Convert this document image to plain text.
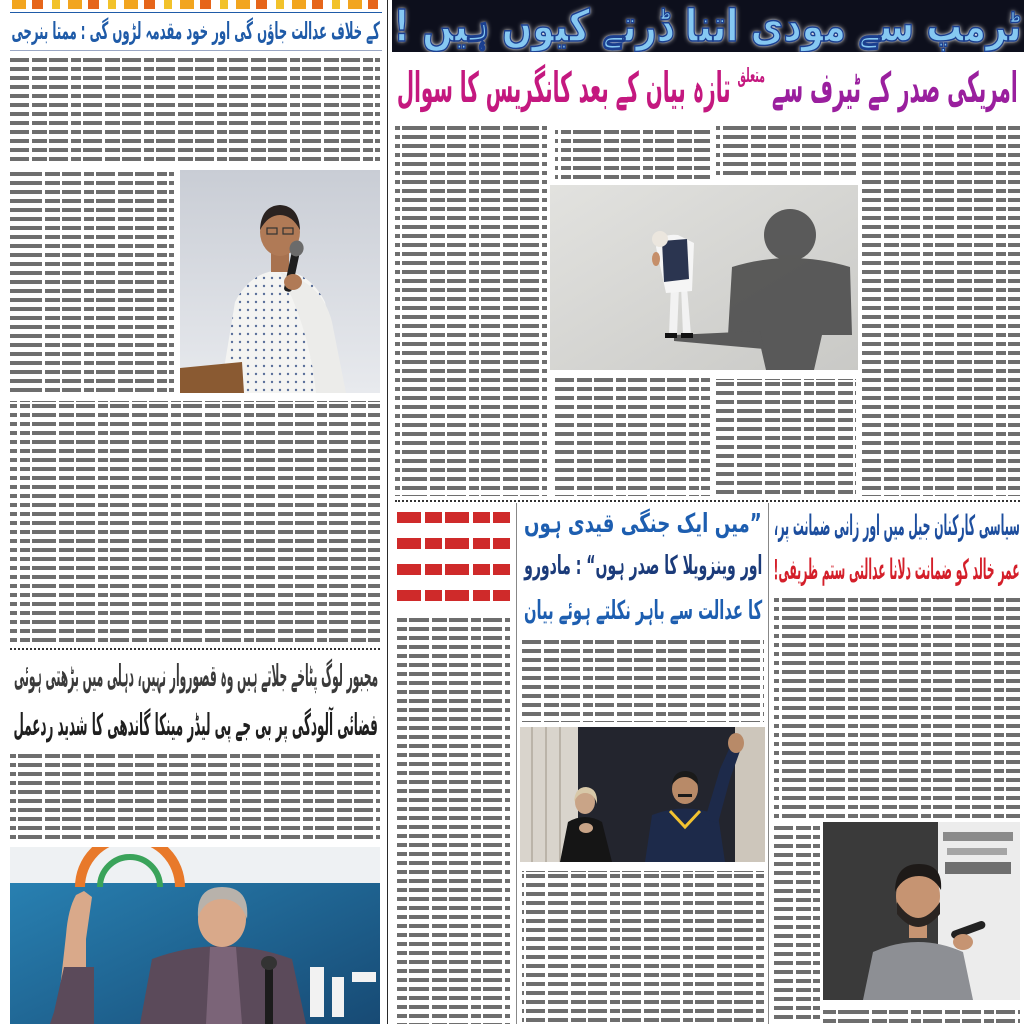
کے خلاف عدالت جاؤں گی اور خود مقدمہ لڑوں گی : ممتا بنرجی
مجبور لوگ پٹاخے جلاتے ہیں وہ قصوروار نہیں، دہلی میں بڑھتی ہوئی
فضائی آلودگی پر بی جے پی لیڈر مینکا گاندھی کا شدید ردعمل
ٹرمپ سے مودی اتنا ڈرتے کیوں ہیں !
امریکی صدر کے ٹیرف سے $^{متعلق}$ تازہ بیان کے بعد کانگریس کا سوال
”میں ایک جنگی قیدی ہوں
اور وینزویلا کا صدر ہوں“ : مادورو
کا عدالت سے باہر نکلتے ہوئے بیان
سیاسی کارکنان جیل میں اور زانی ضمانت پر،
عمر خالد کو ضمانت دلانا عدالتی ستم ظریفی!
